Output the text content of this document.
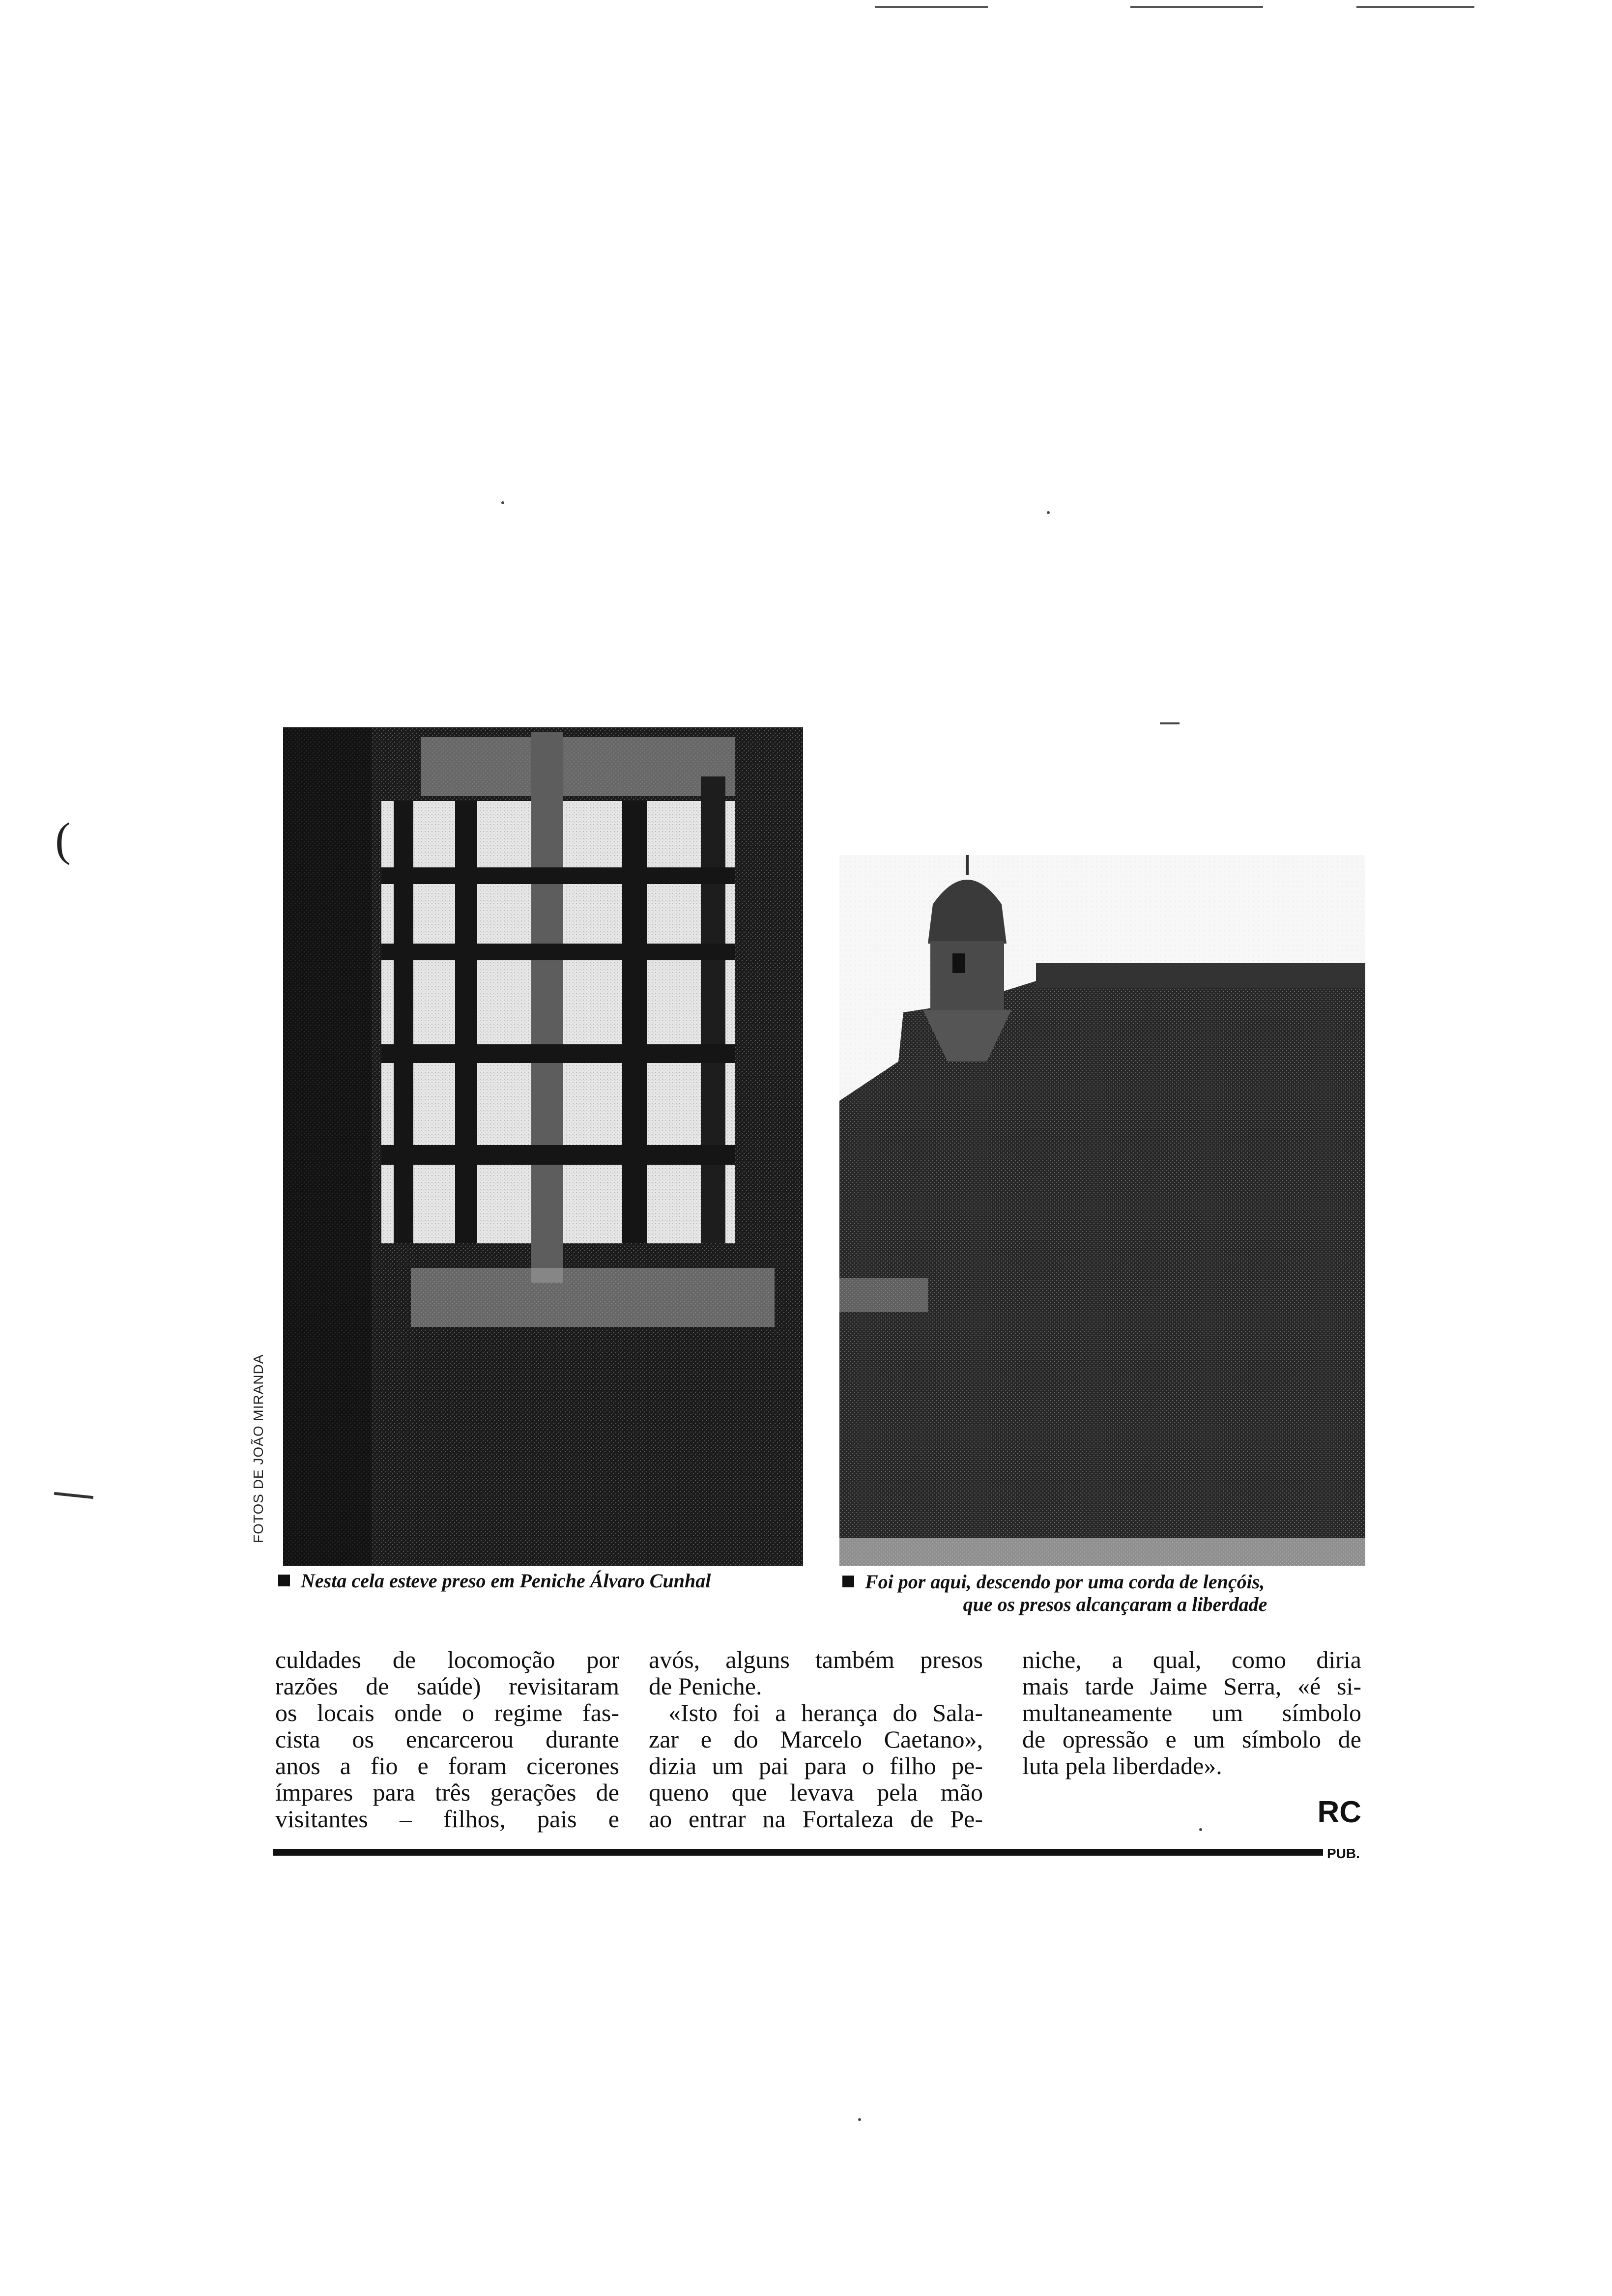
(
FOTOS DE JOÃO MIRANDA
Nesta cela esteve preso em Peniche Álvaro Cunhal	Foi por aqui, descendo por uma corda de lençóis,
que os presos alcançaram a liberdade
culdades de locomoção por
razões de saúde) revisitaram
os locais onde o regime fas-
cista os encarcerou durante
anos a fio e foram cicerones
ímpares para três gerações de
visitantes – filhos, pais e
avós, alguns também presos
de Peniche.
«Isto foi a herança do Sala-
zar e do Marcelo Caetano»,
dizia um pai para o filho pe-
queno que levava pela mão
ao entrar na Fortaleza de Pe-
niche, a qual, como diria
mais tarde Jaime Serra, «é si-
multaneamente um símbolo
de opressão e um símbolo de
luta pela liberdade».
RC
PUB.
